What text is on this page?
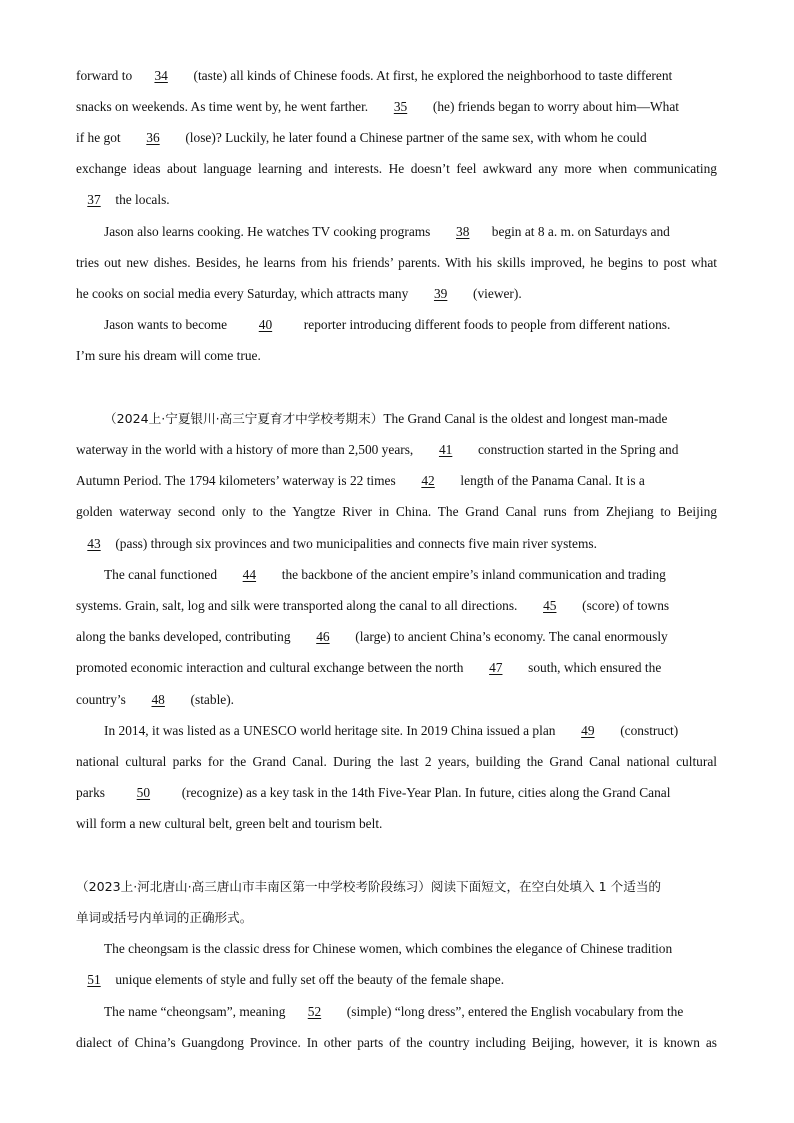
forward to 34 (taste) all kinds of Chinese foods. At first, he explored the neighborhood to taste different
snacks on weekends. As time went by, he went farther. 35 (he) friends began to worry about him—What
if he got 36 (lose)? Luckily, he later found a Chinese partner of the same sex, with whom he could
exchange ideas about language learning and interests. He doesn’t feel awkward any more when communicating
37 the locals.
Jason also learns cooking. He watches TV cooking programs 38 begin at 8 a. m. on Saturdays and
tries out new dishes. Besides, he learns from his friends’ parents. With his skills improved, he begins to post what
he cooks on social media every Saturday, which attracts many 39 (viewer).
Jason wants to become 40 reporter introducing different foods to people from different nations.
I’m sure his dream will come true.
（2024上·宁夏银川·高三宁夏育才中学校考期末）The Grand Canal is the oldest and longest man-made
waterway in the world with a history of more than 2,500 years, 41 construction started in the Spring and
Autumn Period. The 1794 kilometers’ waterway is 22 times 42 length of the Panama Canal. It is a
golden waterway second only to the Yangtze River in China. The Grand Canal runs from Zhejiang to Beijing
43 (pass) through six provinces and two municipalities and connects five main river systems.
The canal functioned 44 the backbone of the ancient empire’s inland communication and trading
systems. Grain, salt, log and silk were transported along the canal to all directions. 45 (score) of towns
along the banks developed, contributing 46 (large) to ancient China’s economy. The canal enormously
promoted economic interaction and cultural exchange between the north 47 south, which ensured the
country’s 48 (stable).
In 2014, it was listed as a UNESCO world heritage site. In 2019 China issued a plan 49 (construct)
national cultural parks for the Grand Canal. During the last 2 years, building the Grand Canal national cultural
parks 50 (recognize) as a key task in the 14th Five-Year Plan. In future, cities along the Grand Canal
will form a new cultural belt, green belt and tourism belt.
（2023上·河北唐山·高三唐山市丰南区第一中学校考阶段练习）阅读下面短文，在空白处填入 1 个适当的
单词或括号内单词的正确形式。
The cheongsam is the classic dress for Chinese women, which combines the elegance of Chinese tradition
51 unique elements of style and fully set off the beauty of the female shape.
The name “cheongsam”, meaning 52 (simple) “long dress”, entered the English vocabulary from the
dialect of China’s Guangdong Province. In other parts of the country including Beijing, however, it is known as
